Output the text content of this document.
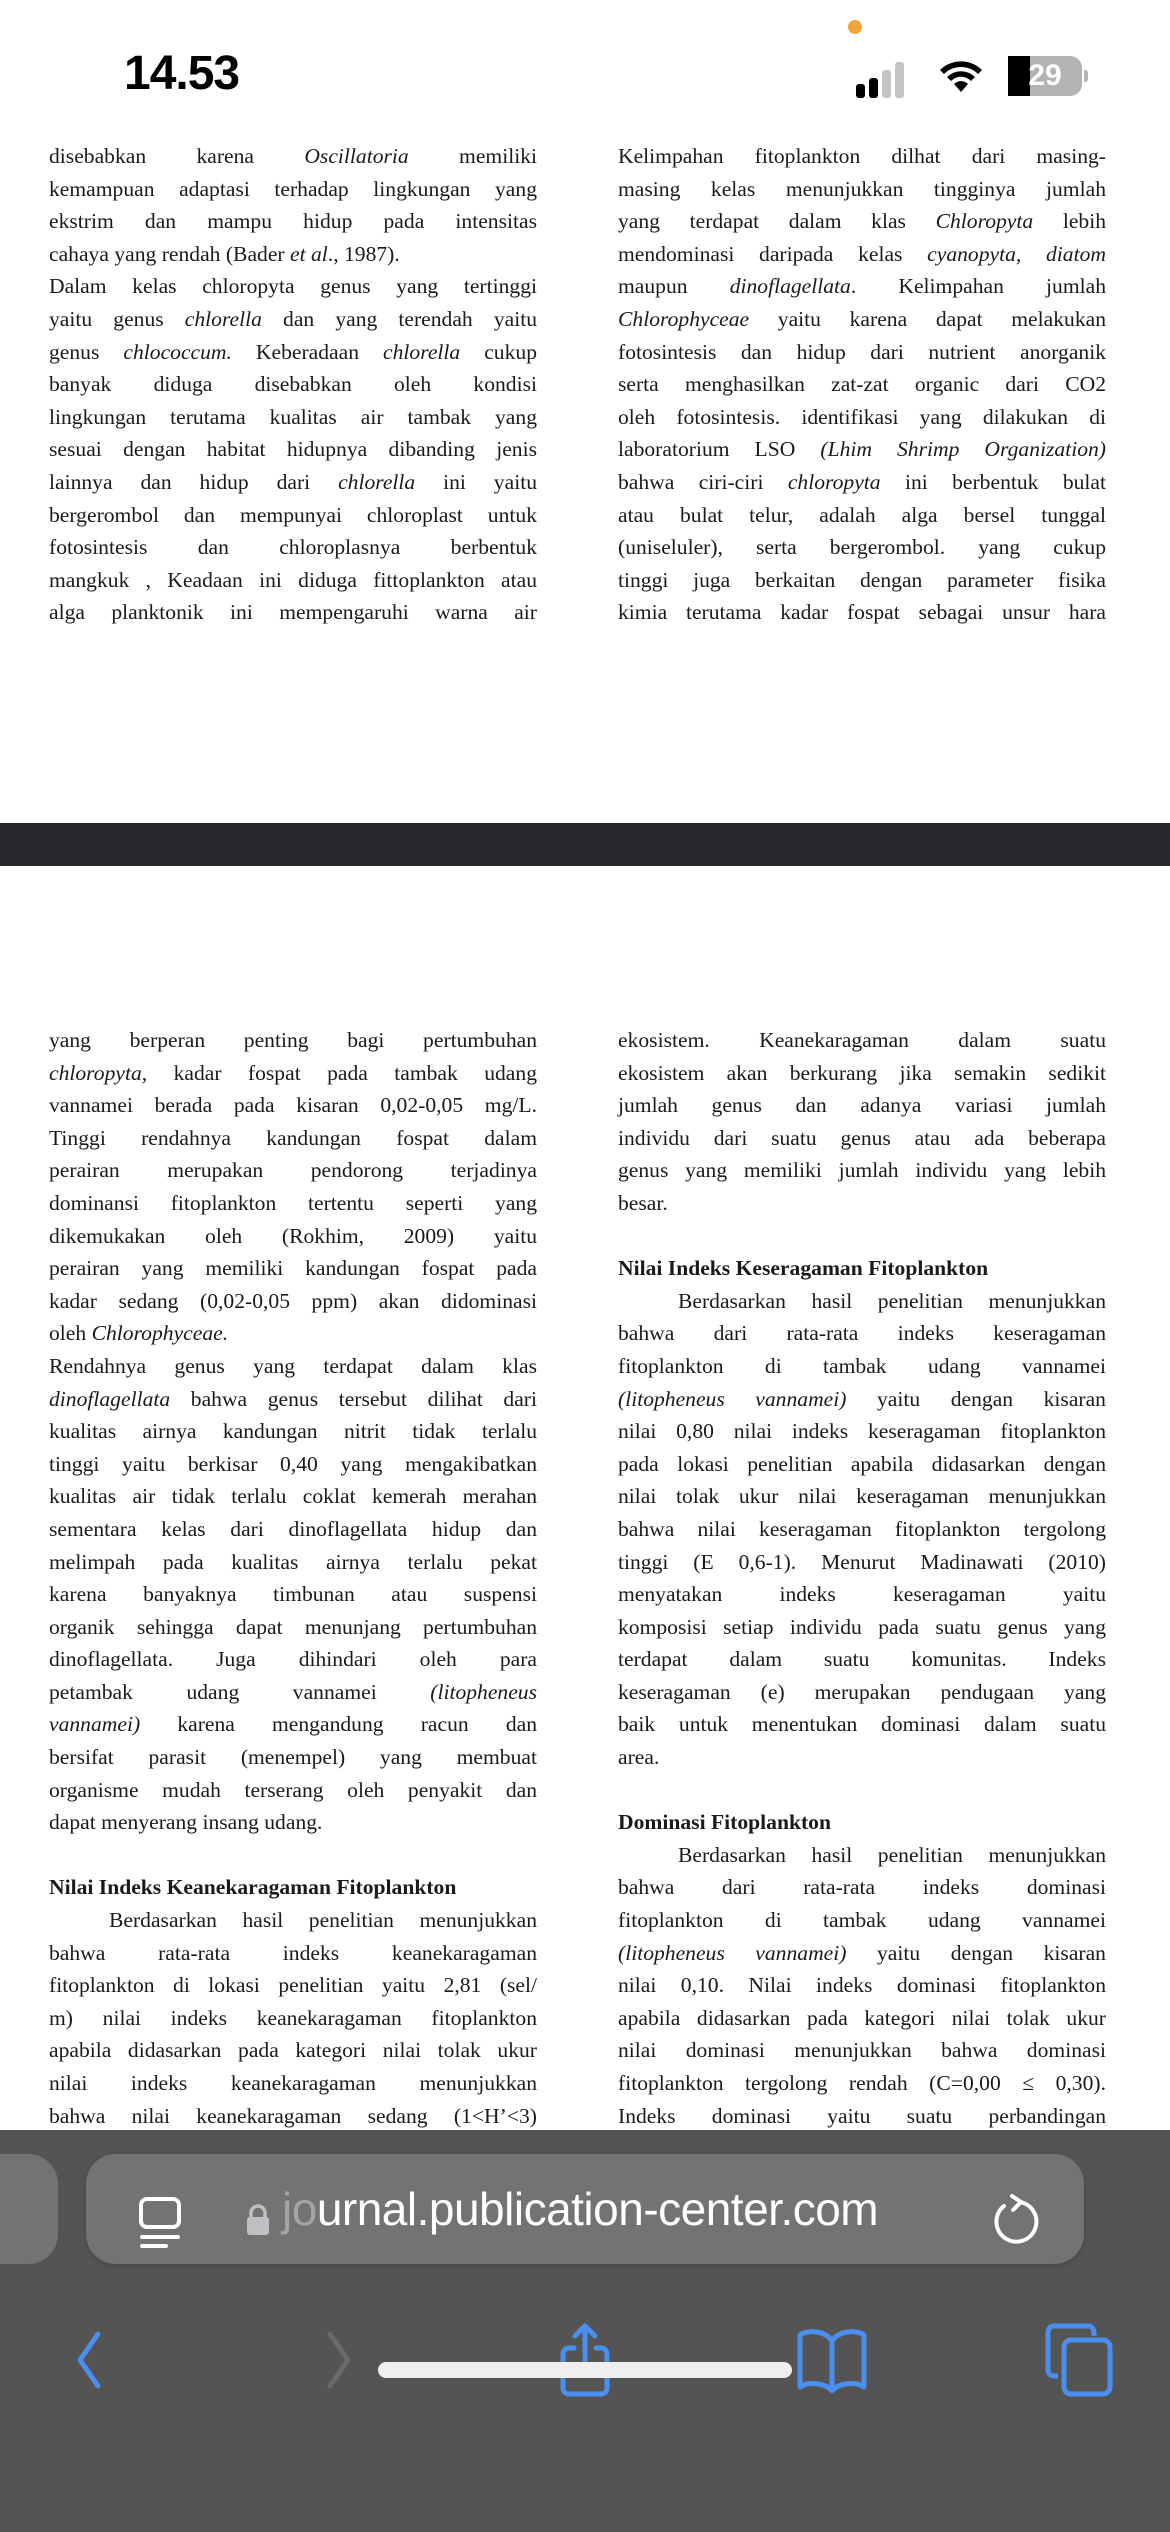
14.53	29
disebabkan karena Oscillatoria memiliki
kemampuan adaptasi terhadap lingkungan yang
ekstrim dan mampu hidup pada intensitas
cahaya yang rendah (Bader et al., 1987).
Dalam kelas chloropyta genus yang tertinggi
yaitu genus chlorella dan yang terendah yaitu
genus chlococcum. Keberadaan chlorella cukup
banyak diduga disebabkan oleh kondisi
lingkungan terutama kualitas air tambak yang
sesuai dengan habitat hidupnya dibanding jenis
lainnya dan hidup dari chlorella ini yaitu
bergerombol dan mempunyai chloroplast untuk
fotosintesis dan chloroplasnya berbentuk
mangkuk , Keadaan ini diduga fittoplankton atau
alga planktonik ini mempengaruhi warna air
Kelimpahan fitoplankton dilhat dari masing-
masing kelas menunjukkan tingginya jumlah
yang terdapat dalam klas Chloropyta lebih
mendominasi daripada kelas cyanopyta, diatom
maupun dinoflagellata. Kelimpahan jumlah
Chlorophyceae yaitu karena dapat melakukan
fotosintesis dan hidup dari nutrient anorganik
serta menghasilkan zat-zat organic dari CO2
oleh fotosintesis. identifikasi yang dilakukan di
laboratorium LSO (Lhim Shrimp Organization)
bahwa ciri-ciri chloropyta ini berbentuk bulat
atau bulat telur, adalah alga bersel tunggal
(uniseluler), serta bergerombol. yang cukup
tinggi juga berkaitan dengan parameter fisika
kimia terutama kadar fospat sebagai unsur hara
yang berperan penting bagi pertumbuhan
chloropyta, kadar fospat pada tambak udang
vannamei berada pada kisaran 0,02-0,05 mg/L.
Tinggi rendahnya kandungan fospat dalam
perairan merupakan pendorong terjadinya
dominansi fitoplankton tertentu seperti yang
dikemukakan oleh (Rokhim, 2009) yaitu
perairan yang memiliki kandungan fospat pada
kadar sedang (0,02-0,05 ppm) akan didominasi
oleh Chlorophyceae.
Rendahnya genus yang terdapat dalam klas
dinoflagellata bahwa genus tersebut dilihat dari
kualitas airnya kandungan nitrit tidak terlalu
tinggi yaitu berkisar 0,40 yang mengakibatkan
kualitas air tidak terlalu coklat kemerah merahan
sementara kelas dari dinoflagellata hidup dan
melimpah pada kualitas airnya terlalu pekat
karena banyaknya timbunan atau suspensi
organik sehingga dapat menunjang pertumbuhan
dinoflagellata. Juga dihindari oleh para
petambak udang vannamei (litopheneus
vannamei) karena mengandung racun dan
bersifat parasit (menempel) yang membuat
organisme mudah terserang oleh penyakit dan
dapat menyerang insang udang.
Nilai Indeks Keanekaragaman Fitoplankton
Berdasarkan hasil penelitian menunjukkan
bahwa rata-rata indeks keanekaragaman
fitoplankton di lokasi penelitian yaitu 2,81 (sel/
m) nilai indeks keanekaragaman fitoplankton
apabila didasarkan pada kategori nilai tolak ukur
nilai indeks keanekaragaman menunjukkan
bahwa nilai keanekaragaman sedang (1<H’<3)
ekosistem. Keanekaragaman dalam suatu
ekosistem akan berkurang jika semakin sedikit
jumlah genus dan adanya variasi jumlah
individu dari suatu genus atau ada beberapa
genus yang memiliki jumlah individu yang lebih
besar.
Nilai Indeks Keseragaman Fitoplankton
Berdasarkan hasil penelitian menunjukkan
bahwa dari rata-rata indeks keseragaman
fitoplankton di tambak udang vannamei
(litopheneus vannamei) yaitu dengan kisaran
nilai 0,80 nilai indeks keseragaman fitoplankton
pada lokasi penelitian apabila didasarkan dengan
nilai tolak ukur nilai keseragaman menunjukkan
bahwa nilai keseragaman fitoplankton tergolong
tinggi (E 0,6-1). Menurut Madinawati (2010)
menyatakan indeks keseragaman yaitu
komposisi setiap individu pada suatu genus yang
terdapat dalam suatu komunitas. Indeks
keseragaman (e) merupakan pendugaan yang
baik untuk menentukan dominasi dalam suatu
area.
Dominasi Fitoplankton
Berdasarkan hasil penelitian menunjukkan
bahwa dari rata-rata indeks dominasi
fitoplankton di tambak udang vannamei
(litopheneus vannamei) yaitu dengan kisaran
nilai 0,10. Nilai indeks dominasi fitoplankton
apabila didasarkan pada kategori nilai tolak ukur
nilai dominasi menunjukkan bahwa dominasi
fitoplankton tergolong rendah (C=0,00 ≤ 0,30).
Indeks dominasi yaitu suatu perbandingan
journal.publication-center.com
